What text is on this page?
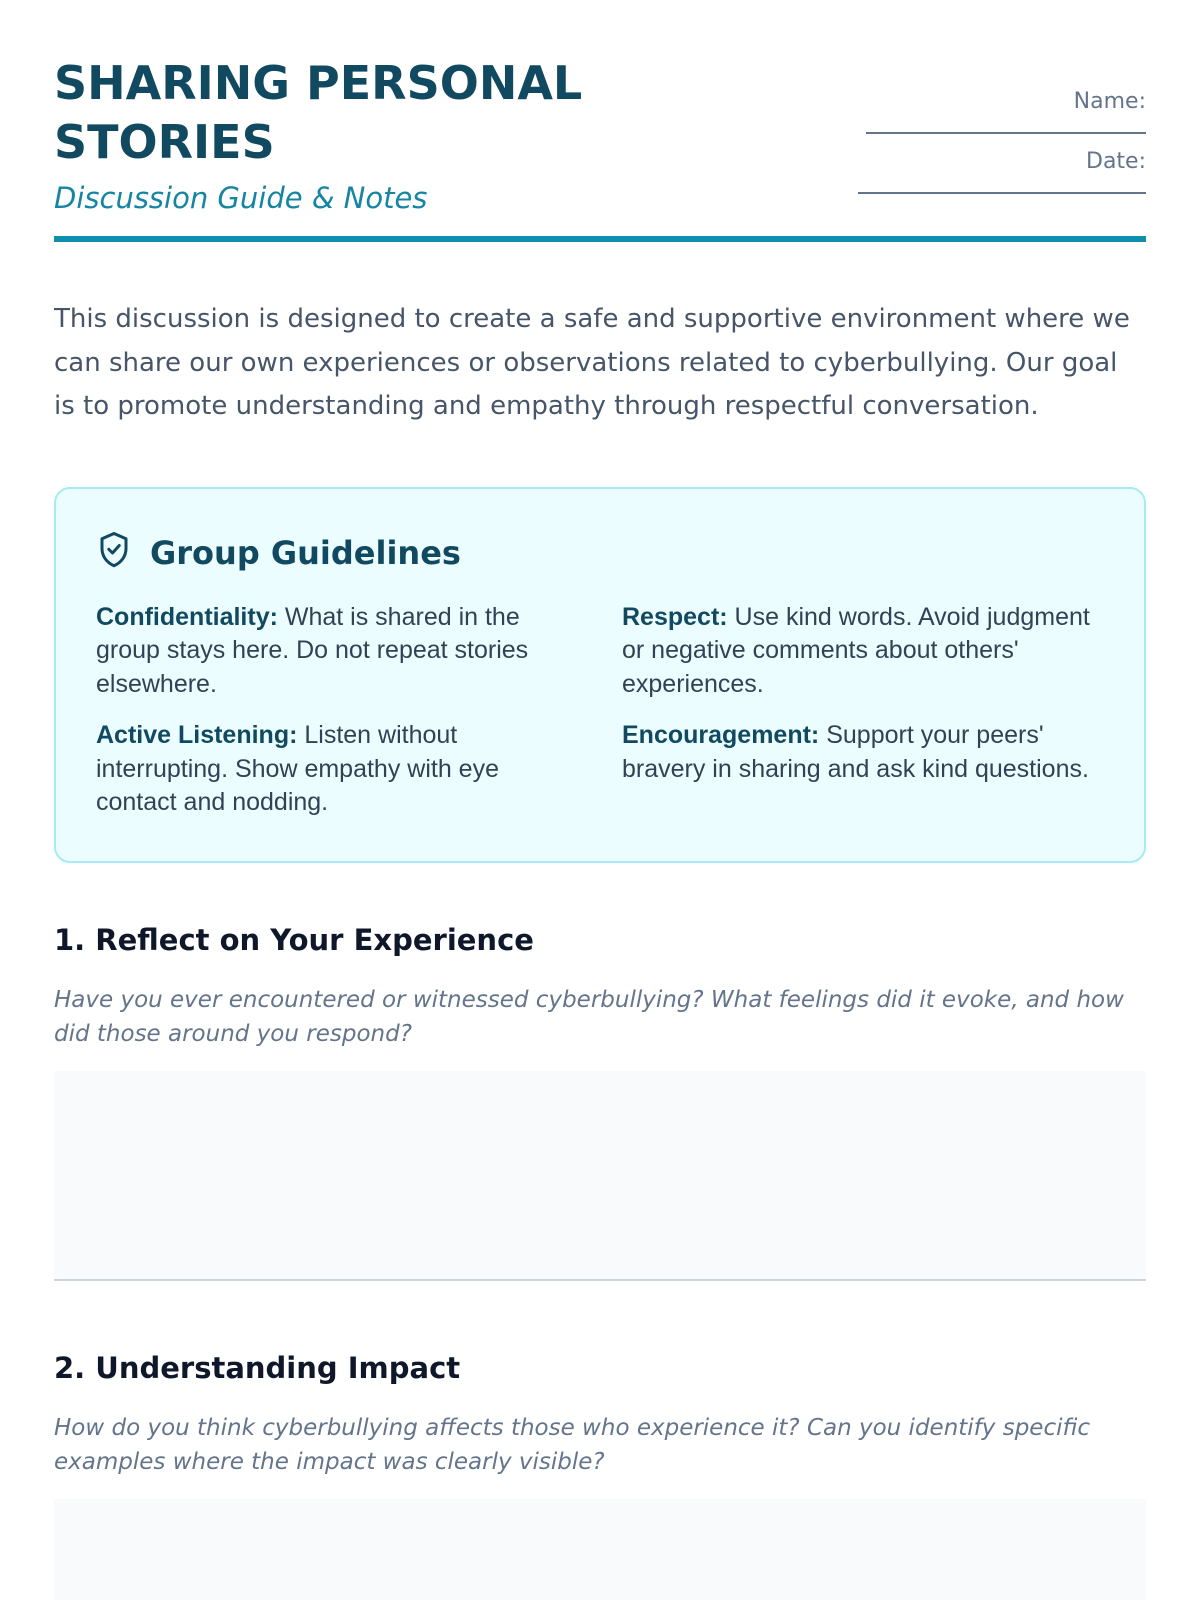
SHARING PERSONAL STORIES
Discussion Guide & Notes
Name:
Date:

This discussion is designed to create a safe and supportive environment where we can share our own experiences or observations related to cyberbullying. Our goal is to promote understanding and empathy through respectful conversation.

Group Guidelines
Confidentiality: What is shared in the group stays here. Do not repeat stories elsewhere.
Respect: Use kind words. Avoid judgment or negative comments about others' experiences.
Active Listening: Listen without interrupting. Show empathy with eye contact and nodding.
Encouragement: Support your peers' bravery in sharing and ask kind questions.
1. Reflect on Your Experience

Have you ever encountered or witnessed cyberbullying? What feelings did it evoke, and how did those around you respond?

2. Understanding Impact

How do you think cyberbullying affects those who experience it? Can you identify specific examples where the impact was clearly visible?
